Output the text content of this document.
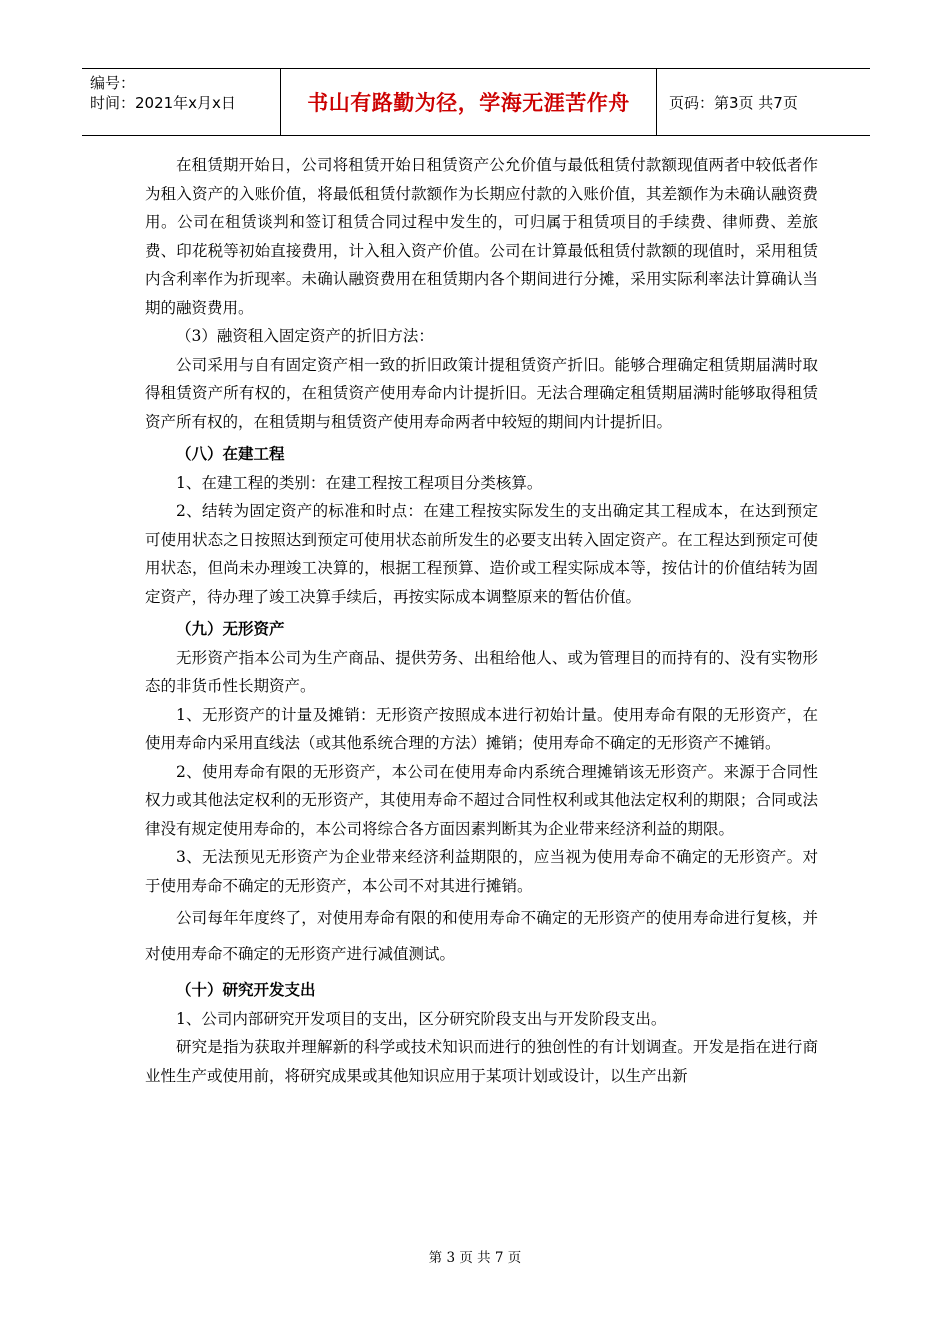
编号：
时间：2021年x月x日	书山有路勤为径，学海无涯苦作舟	页码：第3页 共7页

在租赁期开始日，公司将租赁开始日租赁资产公允价值与最低租赁付款额现值两者中较低者作为租入资产的入账价值，将最低租赁付款额作为长期应付款的入账价值，其差额作为未确认融资费用。公司在租赁谈判和签订租赁合同过程中发生的，可归属于租赁项目的手续费、律师费、差旅费、印花税等初始直接费用，计入租入资产价值。公司在计算最低租赁付款额的现值时，采用租赁内含利率作为折现率。未确认融资费用在租赁期内各个期间进行分摊，采用实际利率法计算确认当期的融资费用。

（3）融资租入固定资产的折旧方法：

公司采用与自有固定资产相一致的折旧政策计提租赁资产折旧。能够合理确定租赁期届满时取得租赁资产所有权的，在租赁资产使用寿命内计提折旧。无法合理确定租赁期届满时能够取得租赁资产所有权的，在租赁期与租赁资产使用寿命两者中较短的期间内计提折旧。

（八）在建工程

1、在建工程的类别：在建工程按工程项目分类核算。

2、结转为固定资产的标准和时点：在建工程按实际发生的支出确定其工程成本，在达到预定可使用状态之日按照达到预定可使用状态前所发生的必要支出转入固定资产。在工程达到预定可使用状态，但尚未办理竣工决算的，根据工程预算、造价或工程实际成本等，按估计的价值结转为固定资产，待办理了竣工决算手续后，再按实际成本调整原来的暂估价值。

（九）无形资产

无形资产指本公司为生产商品、提供劳务、出租给他人、或为管理目的而持有的、没有实物形态的非货币性长期资产。

1、无形资产的计量及摊销：无形资产按照成本进行初始计量。使用寿命有限的无形资产，在使用寿命内采用直线法（或其他系统合理的方法）摊销；使用寿命不确定的无形资产不摊销。

2、使用寿命有限的无形资产，本公司在使用寿命内系统合理摊销该无形资产。来源于合同性权力或其他法定权利的无形资产，其使用寿命不超过合同性权利或其他法定权利的期限；合同或法律没有规定使用寿命的，本公司将综合各方面因素判断其为企业带来经济利益的期限。

3、无法预见无形资产为企业带来经济利益期限的，应当视为使用寿命不确定的无形资产。对于使用寿命不确定的无形资产，本公司不对其进行摊销。

公司每年年度终了，对使用寿命有限的和使用寿命不确定的无形资产的使用寿命进行复核，并对使用寿命不确定的无形资产进行减值测试。

（十）研究开发支出

1、公司内部研究开发项目的支出，区分研究阶段支出与开发阶段支出。

研究是指为获取并理解新的科学或技术知识而进行的独创性的有计划调查。开发是指在进行商业性生产或使用前，将研究成果或其他知识应用于某项计划或设计，以生产出新

第 3 页 共 7 页
